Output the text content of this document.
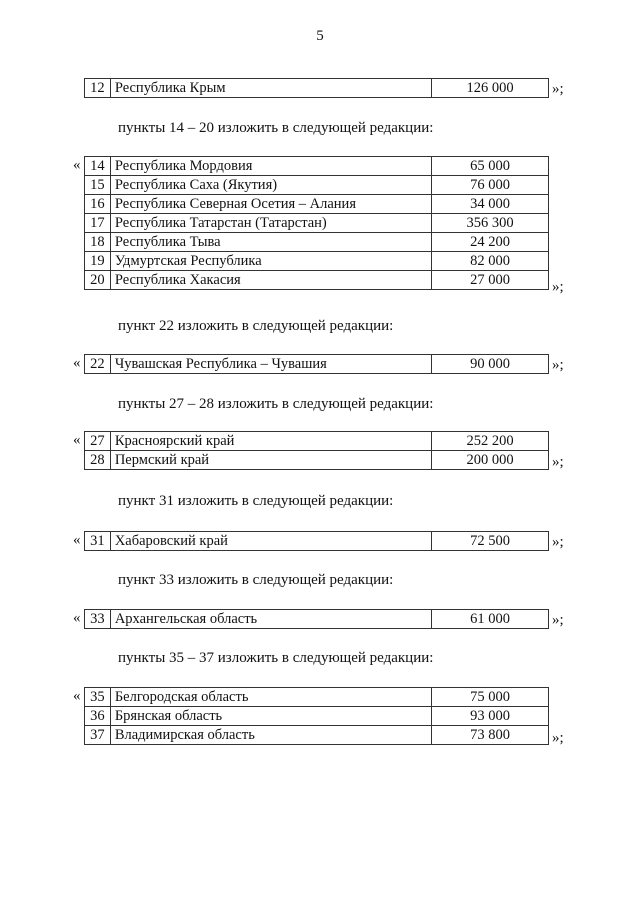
5
12	Республика Крым	126 000	»;
пункты 14 – 20 изложить в следующей редакции:
14	Республика Мордовия	65 000
15	Республика Саха (Якутия)	76 000
16	Республика Северная Осетия – Алания	34 000
17	Республика Татарстан (Татарстан)	356 300
18	Республика Тыва	24 200
19	Удмуртская Республика	82 000
20	Республика Хакасия	27 000
«
»;
пункт 22 изложить в следующей редакции:
22	Чувашская Республика – Чувашия	90 000
«	»;
пункты 27 – 28 изложить в следующей редакции:
27	Красноярский край	252 200
28	Пермский край	200 000
«
»;
пункт 31 изложить в следующей редакции:
31	Хабаровский край	72 500
«	»;
пункт 33 изложить в следующей редакции:
33	Архангельская область	61 000
«	»;
пункты 35 – 37 изложить в следующей редакции:
35	Белгородская область	75 000
36	Брянская область	93 000
37	Владимирская область	73 800
«
»;
